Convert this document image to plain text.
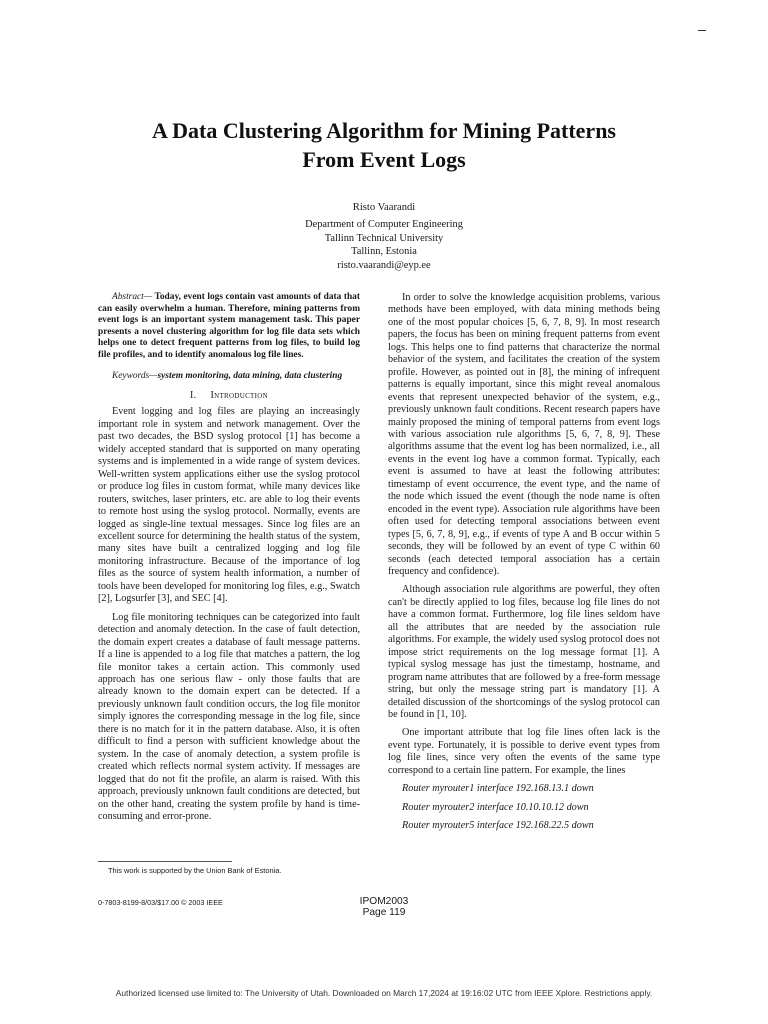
A Data Clustering Algorithm for Mining Patterns
From Event Logs
Risto Vaarandi
Department of Computer Engineering
Tallinn Technical University
Tallinn, Estonia
risto.vaarandi@eyp.ee

Abstract— Today, event logs contain vast amounts of data that can easily overwhelm a human. Therefore, mining patterns from event logs is an important system management task. This paper presents a novel clustering algorithm for log file data sets which helps one to detect frequent patterns from log files, to build log file profiles, and to identify anomalous log file lines.

Keywords—system monitoring, data mining, data clustering

I. Introduction

Event logging and log files are playing an increasingly important role in system and network management. Over the past two decades, the BSD syslog protocol [1] has become a widely accepted standard that is supported on many operating systems and is implemented in a wide range of system devices. Well-written system applications either use the syslog protocol or produce log files in custom format, while many devices like routers, switches, laser printers, etc. are able to log their events to remote host using the syslog protocol. Normally, events are logged as single-line textual messages. Since log files are an excellent source for determining the health status of the system, many sites have built a centralized logging and log file monitoring infrastructure. Because of the importance of log files as the source of system health information, a number of tools have been developed for monitoring log files, e.g., Swatch [2], Logsurfer [3], and SEC [4].

Log file monitoring techniques can be categorized into fault detection and anomaly detection. In the case of fault detection, the domain expert creates a database of fault message patterns. If a line is appended to a log file that matches a pattern, the log file monitor takes a certain action. This commonly used approach has one serious flaw - only those faults that are already known to the domain expert can be detected. If a previously unknown fault condition occurs, the log file monitor simply ignores the corresponding message in the log file, since there is no match for it in the pattern database. Also, it is often difficult to find a person with sufficient knowledge about the system. In the case of anomaly detection, a system profile is created which reflects normal system activity. If messages are logged that do not fit the profile, an alarm is raised. With this approach, previously unknown fault conditions are detected, but on the other hand, creating the system profile by hand is time-consuming and error-prone.

In order to solve the knowledge acquisition problems, various methods have been employed, with data mining methods being one of the most popular choices [5, 6, 7, 8, 9]. In most research papers, the focus has been on mining frequent patterns from event logs. This helps one to find patterns that characterize the normal behavior of the system, and facilitates the creation of the system profile. However, as pointed out in [8], the mining of infrequent patterns is equally important, since this might reveal anomalous events that represent unexpected behavior of the system, e.g., previously unknown fault conditions. Recent research papers have mainly proposed the mining of temporal patterns from event logs with various association rule algorithms [5, 6, 7, 8, 9]. These algorithms assume that the event log has been normalized, i.e., all events in the event log have a common format. Typically, each event is assumed to have at least the following attributes: timestamp of event occurrence, the event type, and the name of the node which issued the event (though the node name is often encoded in the event type). Association rule algorithms have been often used for detecting temporal associations between event types [5, 6, 7, 8, 9], e.g., if events of type A and B occur within 5 seconds, they will be followed by an event of type C within 60 seconds (each detected temporal association has a certain frequency and confidence).

Although association rule algorithms are powerful, they often can't be directly applied to log files, because log file lines do not have a common format. Furthermore, log file lines seldom have all the attributes that are needed by the association rule algorithms. For example, the widely used syslog protocol does not impose strict requirements on the log message format [1]. A typical syslog message has just the timestamp, hostname, and program name attributes that are followed by a free-form message string, but only the message string part is mandatory [1]. A detailed discussion of the shortcomings of the syslog protocol can be found in [1, 10].

One important attribute that log file lines often lack is the event type. Fortunately, it is possible to derive event types from log file lines, since very often the events of the same type correspond to a certain line pattern. For example, the lines

Router myrouter1 interface 192.168.13.1 down

Router myrouter2 interface 10.10.10.12 down

Router myrouter5 interface 192.168.22.5 down

This work is supported by the Union Bank of Estonia.
0-7803-8199-8/03/$17.00 © 2003 IEEE	IPOM2003
Page 119
Authorized licensed use limited to: The University of Utah. Downloaded on March 17,2024 at 19:16:02 UTC from IEEE Xplore. Restrictions apply.
